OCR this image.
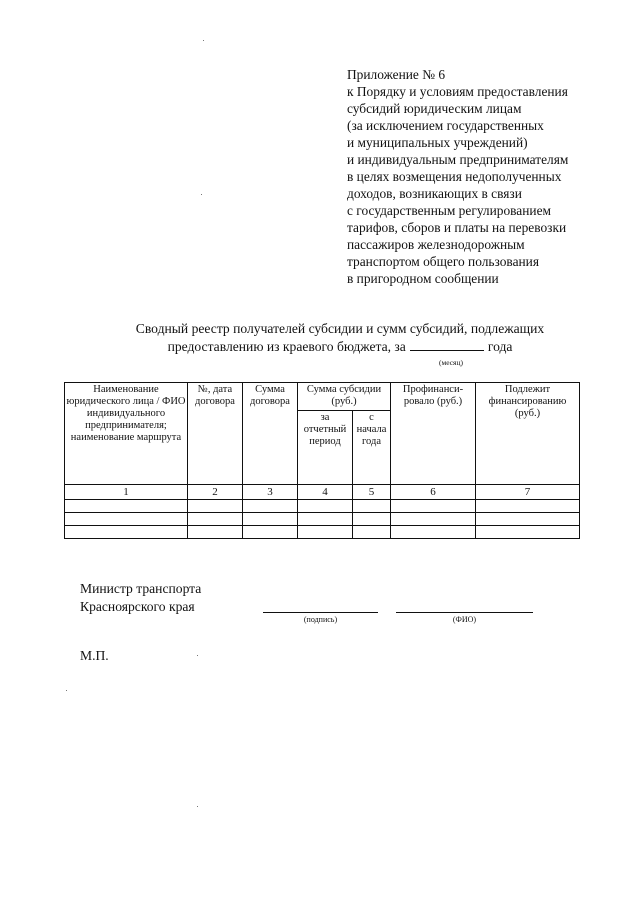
Приложение № 6
к Порядку и условиям предоставления
субсидий юридическим лицам
(за исключением государственных
и муниципальных учреждений)
и индивидуальным предпринимателям
в целях возмещения недополученных
доходов, возникающих в связи
с государственным регулированием
тарифов, сборов и платы на перевозки
пассажиров железнодорожным
транспортом общего пользования
в пригородном сообщении
Сводный реестр получателей субсидии и сумм субсидий, подлежащих
предоставлению из краевого бюджета, за	года
(месяц)
Наименование юридического лица / ФИО индивидуального предпринимателя; наименование маршрута	№, дата договора	Сумма договора	Сумма субсидии (руб.)		Профинанси-ровало (руб.)	Подлежит финансированию (руб.)
			за отчетный период	с начала года		
1	2	3	4	5	6	7

Министр транспорта
Красноярского края
(подпись)	(ФИО)
М.П.
